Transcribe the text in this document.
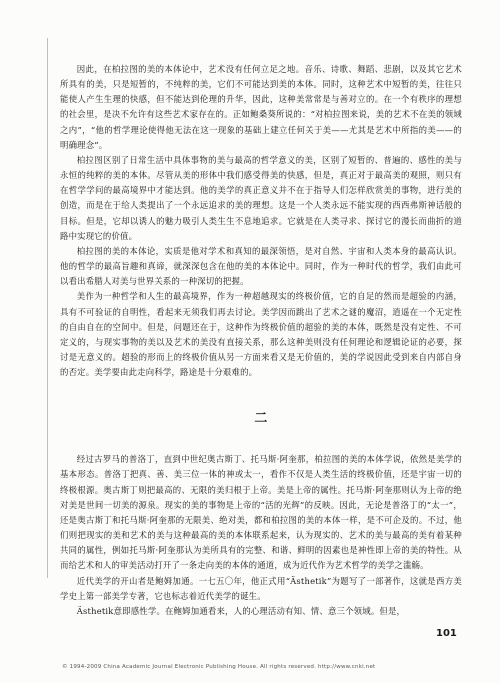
因此，在柏拉图的美的本体论中，艺术没有任何立足之地。音乐、诗歌、舞蹈、悲剧，以及其它艺术所具有的美，只是短暂的，不纯粹的美，它们不可能达到美的本体。同时，这种艺术中短暂的美，往往只能使人产生生理的快感，但不能达到伦理的升华，因此，这种美常常是与善对立的。在一个有秩序的理想的社会里，是决不允许有这些艺术家存在的。正如鲍桑葵所说的：“对柏拉图来说，美的艺术不在美的领域之内”，“他的哲学理论使得他无法在这一现象的基础上建立任何关于美——尤其是艺术中所指的美——的明确理念”。

柏拉图区别了日常生活中具体事物的美与最高的哲学意义的美，区别了短暂的、普遍的、感性的美与永恒的纯粹的美的本体。尽管从美的形体中我们感受得美的快感，但是，真正对于最高美的观照，则只有在哲学学问的最高境界中才能达到。他的美学的真正意义并不在于指导人们怎样欣赏美的事物，进行美的创造，而是在于给人类提出了一个永远追求的美的理想。这是一个人类永远不能实现的西西弗斯神话般的目标。但是，它却以诱人的魅力吸引人类生生不息地追求。它就是在人类寻求、探讨它的漫长而曲折的道路中实现它的价值。

柏拉图的美的本体论，实质是他对学术和真知的最深领悟，是对自然、宇宙和人类本身的最高认识。他的哲学的最高旨趣和真谛，就深深包含在他的美的本体论中。同时，作为一种时代的哲学，我们由此可以看出希腊人对美与世界关系的一种深切的把握。

美作为一种哲学和人生的最高境界，作为一种超越现实的终极价值，它的自足的然而是超验的内涵，具有不可验证的自明性，看起来无须我们再去讨论。美学因而跳出了艺术之谜的魔沼，逍遥在一个无定性的自由自在的空间中。但是，问题还在于，这种作为终极价值的超验的美的本体，既然是没有定性、不可定义的，与现实事物的美以及艺术的美没有直接关系，那么这种美则没有任何理论和逻辑论证的必要，探讨是无意义的。超验的形而上的终极价值从另一方面来看又是无价值的，美的学说因此受到来自内部自身的否定。美学要由此走向科学，路途是十分艰难的。

二

经过古罗马的普洛丁，直到中世纪奥古斯丁、托马斯·阿奎那，柏拉图的美的本体学说，依然是美学的基本形态。普洛丁把真、善、美三位一体的神或太一，看作不仅是人类生活的终极价值，还是宇宙一切的终极根源。奥古斯丁则把最高的、无限的美归根于上帝。美是上帝的属性。托马斯·阿奎那则认为上帝的绝对美是世间一切美的源泉。现实的美的事物是上帝的“活的光辉”的反映。因此，无论是普洛丁的“太一”，还是奥古斯丁和托马斯·阿奎那的无限美、绝对美，都和柏拉图的美的本体一样，是不可企及的。不过，他们则把现实的美和艺术的美与这种最高的美的本体联系起来，认为现实的、艺术的美与最高的美有着某种共同的属性，例如托马斯·阿奎那认为美所具有的完整、和谐、鲜明的因素也是神性即上帝的美的特性。从而给艺术和人的审美活动打开了一条走向美的本体的通道，成为近代作为艺术哲学的美学之滥觞。

近代美学的开山者是鲍姆加通。一七五〇年，他正式用“Ästhetik”为题写了一部著作，这就是西方美学史上第一部美学专著，它也标志着近代美学的诞生。

Ästhetik意即感性学。在鲍姆加通看来，人的心理活动有知、情、意三个领域。但是，

101
© 1994-2009 China Academic Journal Electronic Publishing House. All rights reserved. http://www.cnki.net
